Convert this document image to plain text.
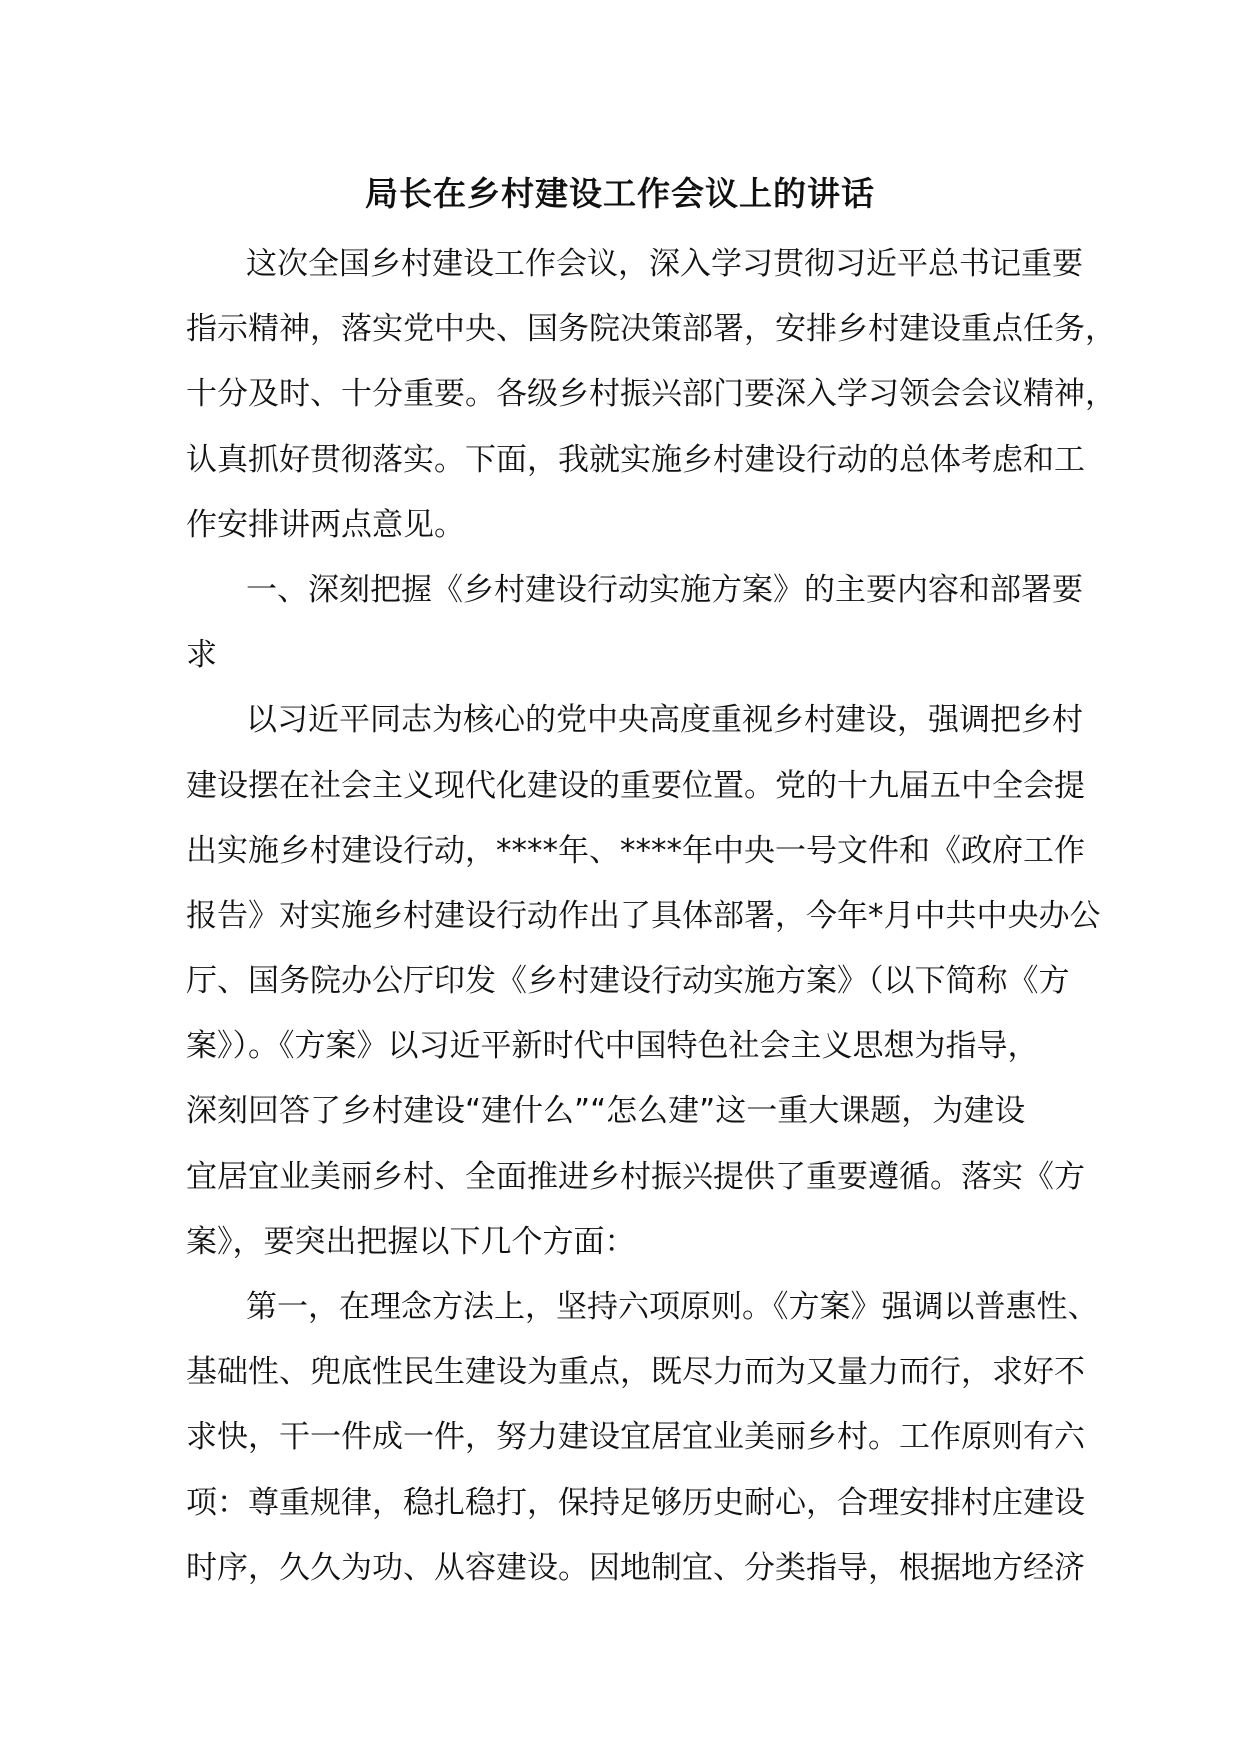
局长在乡村建设工作会议上的讲话
这次全国乡村建设工作会议，深入学习贯彻习近平总书记重要
指示精神，落实党中央、国务院决策部署，安排乡村建设重点任务，
十分及时、十分重要。各级乡村振兴部门要深入学习领会会议精神，
认真抓好贯彻落实。下面，我就实施乡村建设行动的总体考虑和工
作安排讲两点意见。
一、深刻把握《乡村建设行动实施方案》的主要内容和部署要
求
以习近平同志为核心的党中央高度重视乡村建设，强调把乡村
建设摆在社会主义现代化建设的重要位置。党的十九届五中全会提
出实施乡村建设行动，****年、****年中央一号文件和《政府工作
报告》对实施乡村建设行动作出了具体部署，今年*月中共中央办公
厅、国务院办公厅印发《乡村建设行动实施方案》（以下简称《方
案》）。《方案》以习近平新时代中国特色社会主义思想为指导，
深刻回答了乡村建设“建什么”“怎么建”这一重大课题，为建设
宜居宜业美丽乡村、全面推进乡村振兴提供了重要遵循。落实《方
案》，要突出把握以下几个方面：
第一，在理念方法上，坚持六项原则。《方案》强调以普惠性、
基础性、兜底性民生建设为重点，既尽力而为又量力而行，求好不
求快，干一件成一件，努力建设宜居宜业美丽乡村。工作原则有六
项：尊重规律，稳扎稳打，保持足够历史耐心，合理安排村庄建设
时序，久久为功、从容建设。因地制宜、分类指导，根据地方经济
